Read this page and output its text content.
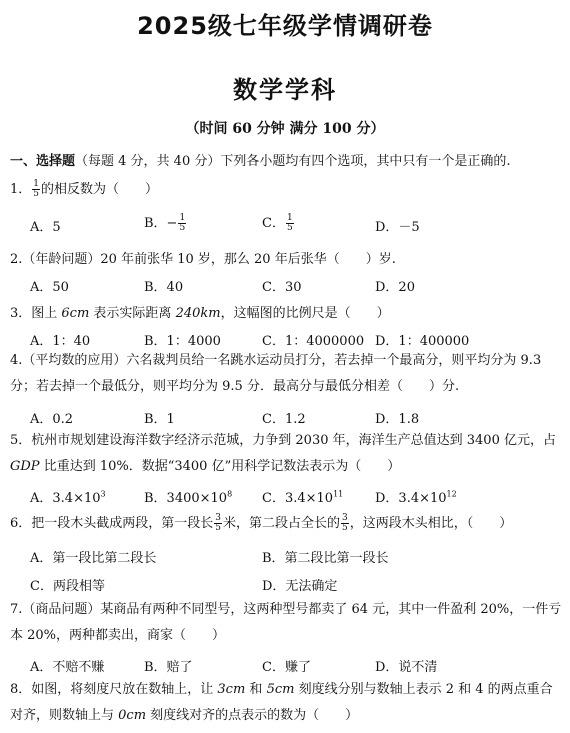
2025级七年级学情调研卷
数学学科
（时间 60 分钟 满分 100 分）
一、选择题（每题 4 分，共 40 分）下列各小题均有四个选项，其中只有一个是正确的.
1． $\frac{1}{5}$ 的相反数为（　　）
A．5	B．− $\frac{1}{5}$	C． $\frac{1}{5}$	D．－5
2.（年龄问题）20 年前张华 10 岁，那么 20 年后张华（　　）岁.
A．50	B．40	C．30	D．20
3．图上 6cm 表示实际距离 240km，这幅图的比例尺是（　　）
A．1：40	B．1：4000	C．1：4000000 D．1：400000
4.（平均数的应用）六名裁判员给一名跳水运动员打分，若去掉一个最高分，则平均分为 9.3 分；若去掉一个最低分，则平均分为 9.5 分．最高分与最低分相差（　　）分.
A．0.2	B．1	C．1.2	D．1.8
5．杭州市规划建设海洋数字经济示范城，力争到 2030 年，海洋生产总值达到 3400 亿元，占 GDP 比重达到 10%．数据“3400 亿”用科学记数法表示为（　　）
A．$3.4\times 10^3$	B．$3400\times 10^8$ C．$3.4\times 10^{11}$ D．$3.4\times 10^{12}$
6．把一段木头截成两段，第一段长 $\frac{3}{5}$ 米，第二段占全长的 $\frac{3}{5}$ ，这两段木头相比，（　　）
A．第一段比第二段长	B．第二段比第一段长
C．两段相等	D．无法确定
7.（商品问题）某商品有两种不同型号，这两种型号都卖了 64 元，其中一件盈利 20%，一件亏本 20%，两种都卖出，商家（　　）
A．不赔不赚	B．赔了	C．赚了	D．说不清
8．如图，将刻度尺放在数轴上，让 3cm 和 5cm 刻度线分别与数轴上表示 2 和 4 的两点重合对齐，则数轴上与 0cm 刻度线对齐的点表示的数为（　　）
